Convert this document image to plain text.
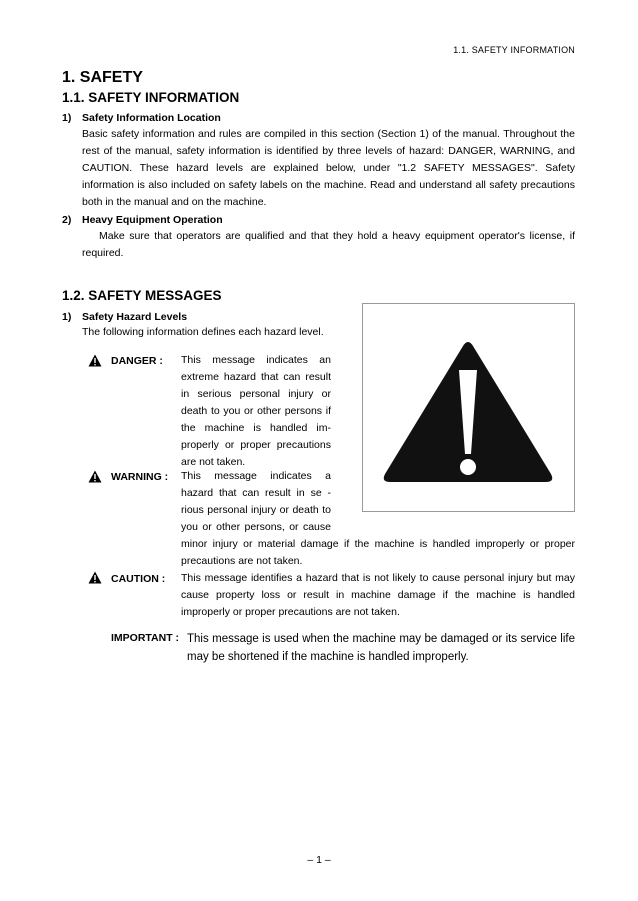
1.1. SAFETY INFORMATION
1. SAFETY
1.1. SAFETY INFORMATION
1) Safety Information Location
Basic safety information and rules are compiled in this section (Section 1) of the manual. Throughout the rest of the manual, safety information is identified by three levels of hazard: DANGER, WARNING, and CAUTION. These hazard levels are explained below, under "1.2 SAFETY MESSAGES". Safety information is also included on safety labels on the machine. Read and understand all safety precautions both in the manual and on the machine.
2) Heavy Equipment Operation
Make sure that operators are qualified and that they hold a heavy equipment operator's license, if required.
1.2. SAFETY MESSAGES
1) Safety Hazard Levels
The following information defines each hazard level.
DANGER : This message indicates an
extreme hazard that can result
in serious personal injury or
death to you or other persons if
the machine is handled im-
properly or proper precautions
are not taken.
WARNING : This message indicates a
hazard that can result in se -
rious personal injury or death to
you or other persons, or cause
minor injury or material damage if the machine is handled improperly or proper
precautions are not taken.
CAUTION : This message identifies a hazard that is not likely to cause personal injury but may
cause property loss or result in machine damage if the machine is handled
improperly or proper precautions are not taken.
IMPORTANT : This message is used when the machine may be damaged or its service life
may be shortened if the machine is handled improperly.
– 1 –
